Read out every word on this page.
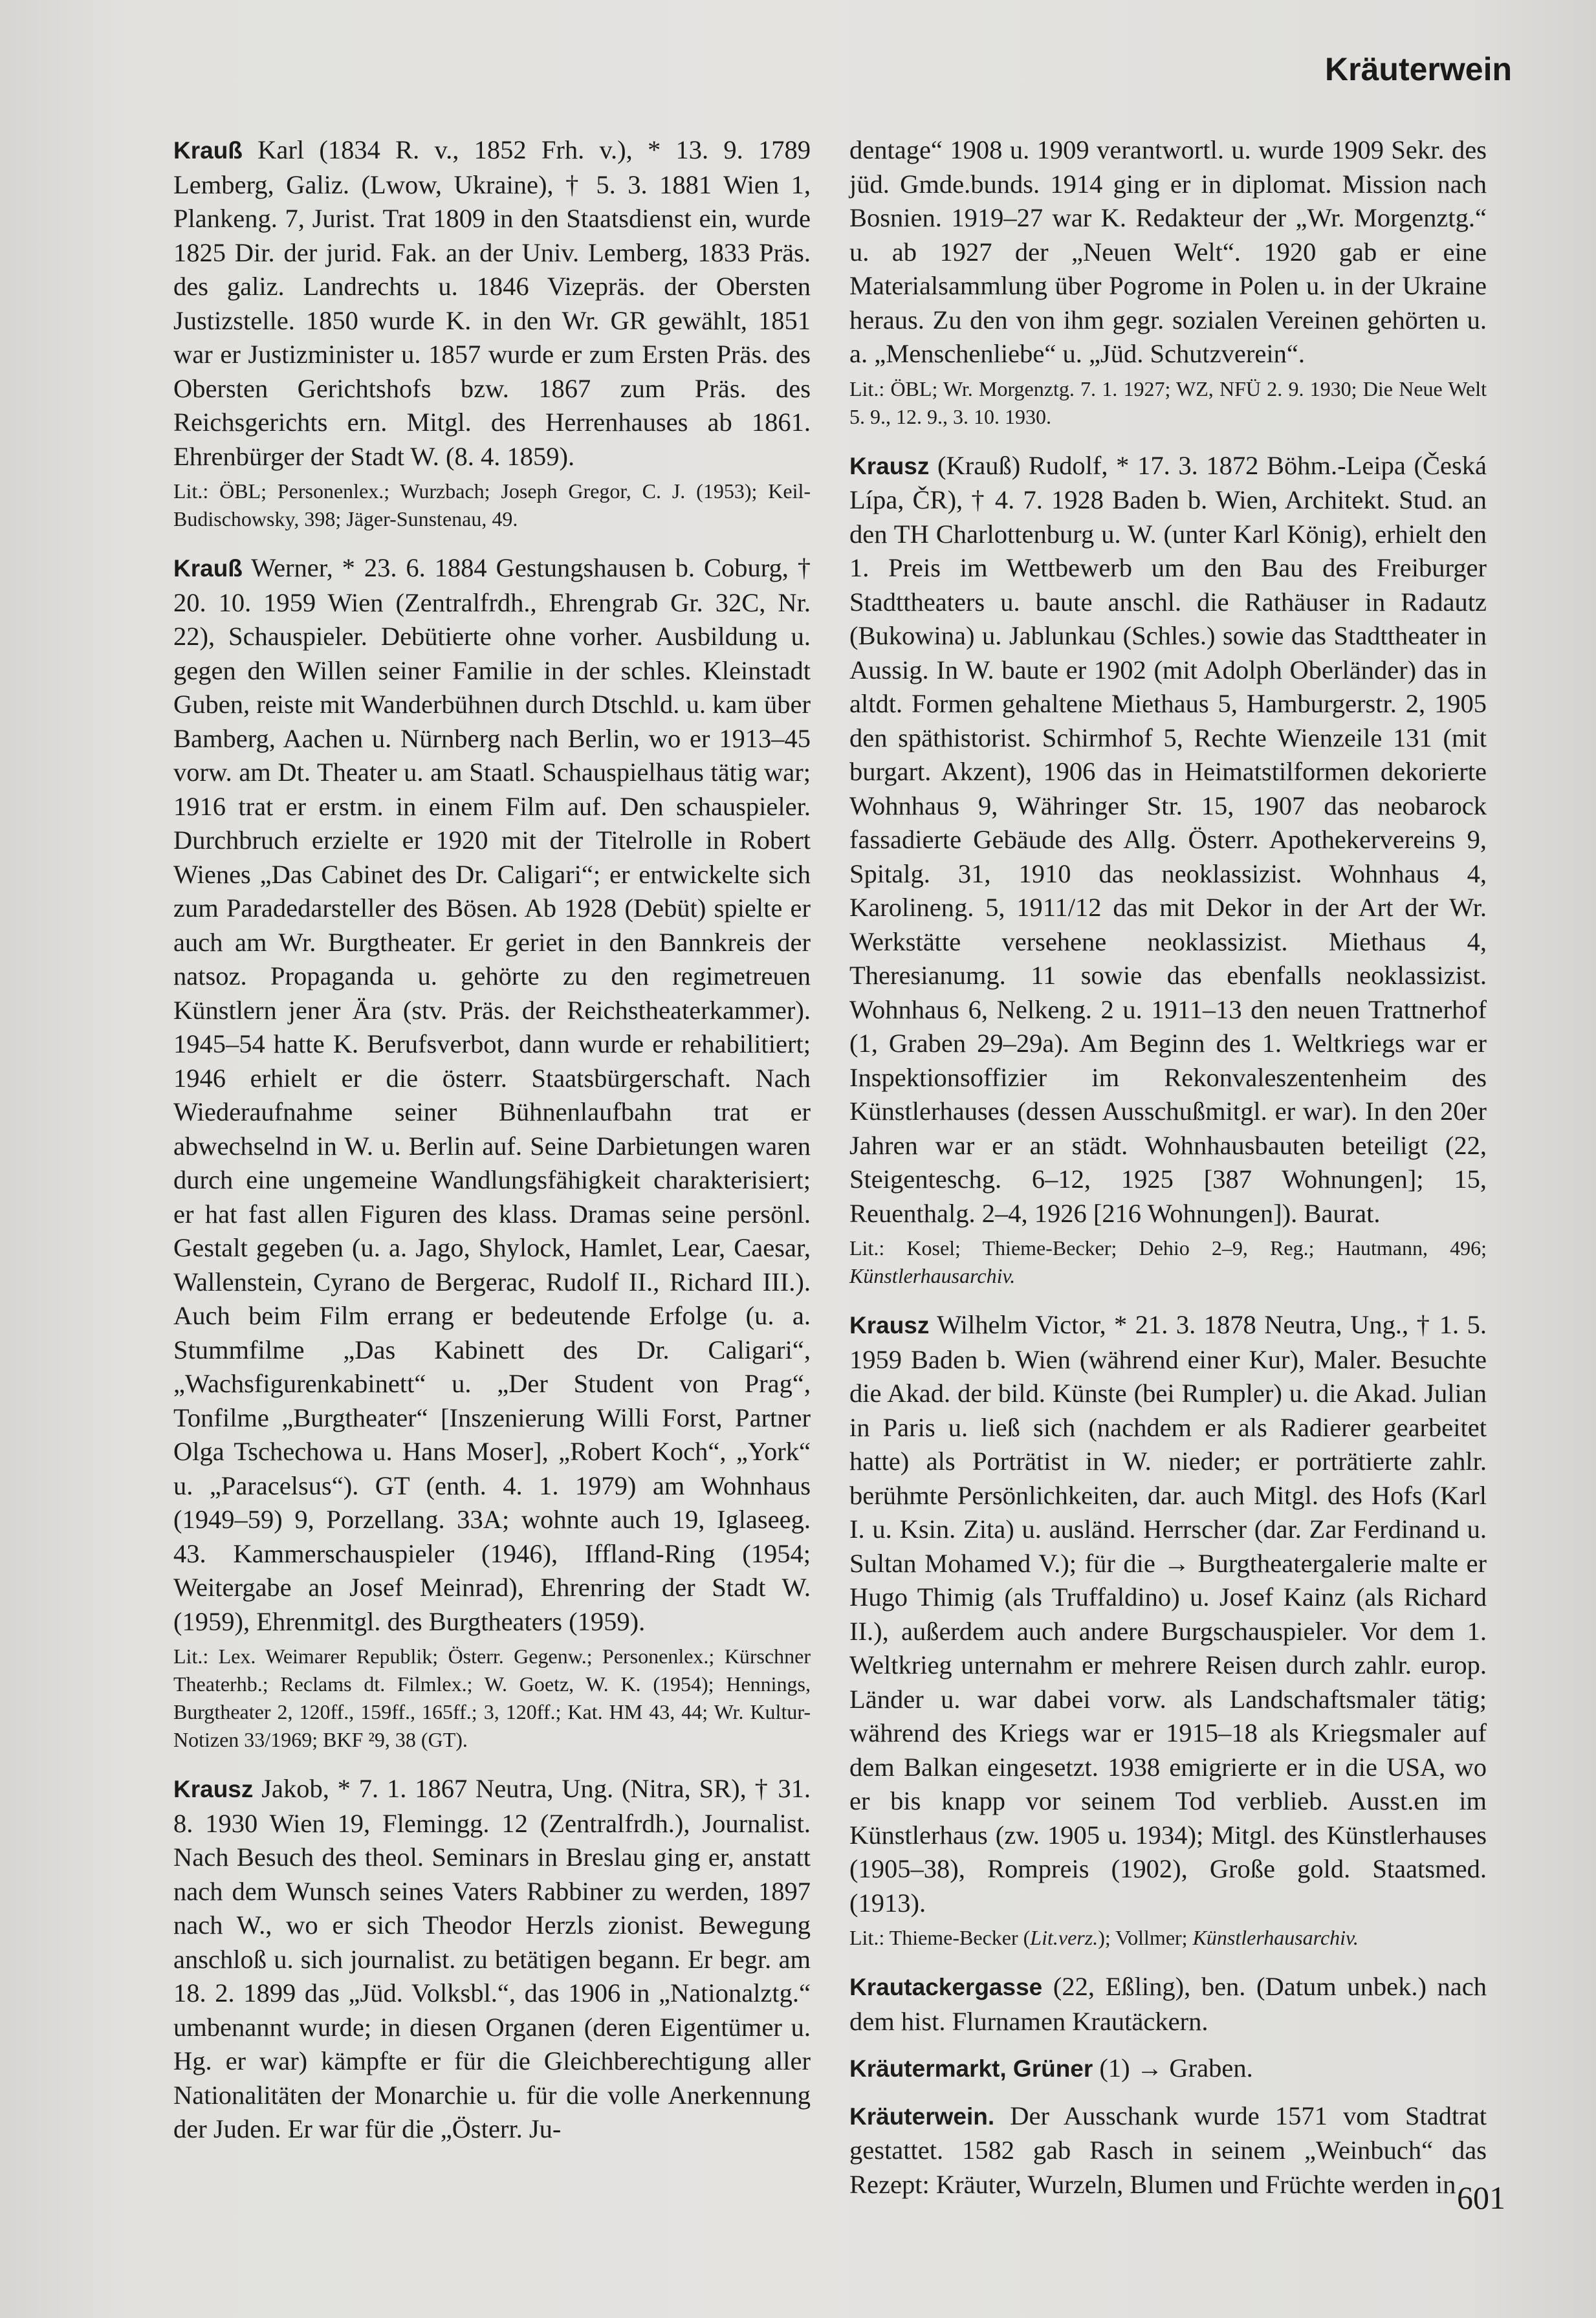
Kräuterwein

Krauß Karl (1834 R. v., 1852 Frh. v.), * 13. 9. 1789 Lemberg, Galiz. (Lwow, Ukraine), † 5. 3. 1881 Wien 1, Plankeng. 7, Jurist. Trat 1809 in den Staatsdienst ein, wurde 1825 Dir. der jurid. Fak. an der Univ. Lemberg, 1833 Präs. des galiz. Landrechts u. 1846 Vizepräs. der Obersten Justizstelle. 1850 wurde K. in den Wr. GR gewählt, 1851 war er Justizminister u. 1857 wurde er zum Ersten Präs. des Obersten Gerichtshofs bzw. 1867 zum Präs. des Reichsgerichts ern. Mitgl. des Herrenhauses ab 1861. Ehrenbürger der Stadt W. (8. 4. 1859).

Lit.: ÖBL; Personenlex.; Wurzbach; Joseph Gregor, C. J. (1953); Keil-Budischowsky, 398; Jäger-Sunstenau, 49.

Krauß Werner, * 23. 6. 1884 Gestungshausen b. Coburg, † 20. 10. 1959 Wien (Zentralfrdh., Ehrengrab Gr. 32C, Nr. 22), Schauspieler. Debütierte ohne vorher. Ausbildung u. gegen den Willen seiner Familie in der schles. Kleinstadt Guben, reiste mit Wanderbühnen durch Dtschld. u. kam über Bamberg, Aachen u. Nürnberg nach Berlin, wo er 1913–45 vorw. am Dt. Theater u. am Staatl. Schauspielhaus tätig war; 1916 trat er erstm. in einem Film auf. Den schauspieler. Durchbruch erzielte er 1920 mit der Titelrolle in Robert Wienes „Das Cabinet des Dr. Caligari“; er entwickelte sich zum Paradedarsteller des Bösen. Ab 1928 (Debüt) spielte er auch am Wr. Burgtheater. Er geriet in den Bannkreis der natsoz. Propaganda u. gehörte zu den regimetreuen Künstlern jener Ära (stv. Präs. der Reichstheaterkammer). 1945–54 hatte K. Berufsverbot, dann wurde er rehabilitiert; 1946 erhielt er die österr. Staatsbürgerschaft. Nach Wiederaufnahme seiner Bühnenlaufbahn trat er abwechselnd in W. u. Berlin auf. Seine Darbietungen waren durch eine ungemeine Wandlungsfähigkeit charakterisiert; er hat fast allen Figuren des klass. Dramas seine persönl. Gestalt gegeben (u. a. Jago, Shylock, Hamlet, Lear, Caesar, Wallenstein, Cyrano de Bergerac, Rudolf II., Richard III.). Auch beim Film errang er bedeutende Erfolge (u. a. Stummfilme „Das Kabinett des Dr. Caligari“, „Wachsfigurenkabinett“ u. „Der Student von Prag“, Tonfilme „Burgtheater“ [Inszenierung Willi Forst, Partner Olga Tschechowa u. Hans Moser], „Robert Koch“, „York“ u. „Paracelsus“). GT (enth. 4. 1. 1979) am Wohnhaus (1949–59) 9, Porzellang. 33A; wohnte auch 19, Iglaseeg. 43. Kammerschauspieler (1946), Iffland-Ring (1954; Weitergabe an Josef Meinrad), Ehrenring der Stadt W. (1959), Ehrenmitgl. des Burgtheaters (1959).

Lit.: Lex. Weimarer Republik; Österr. Gegenw.; Personenlex.; Kürschner Theaterhb.; Reclams dt. Filmlex.; W. Goetz, W. K. (1954); Hennings, Burgtheater 2, 120ff., 159ff., 165ff.; 3, 120ff.; Kat. HM 43, 44; Wr. Kultur-Notizen 33/1969; BKF ²9, 38 (GT).

Krausz Jakob, * 7. 1. 1867 Neutra, Ung. (Nitra, SR), † 31. 8. 1930 Wien 19, Flemingg. 12 (Zentralfrdh.), Journalist. Nach Besuch des theol. Seminars in Breslau ging er, anstatt nach dem Wunsch seines Vaters Rabbiner zu werden, 1897 nach W., wo er sich Theodor Herzls zionist. Bewegung anschloß u. sich journalist. zu betätigen begann. Er begr. am 18. 2. 1899 das „Jüd. Volksbl.“, das 1906 in „Nationalztg.“ umbenannt wurde; in diesen Organen (deren Eigentümer u. Hg. er war) kämpfte er für die Gleichberechtigung aller Nationalitäten der Monarchie u. für die volle Anerkennung der Juden. Er war für die „Österr. Ju-

dentage“ 1908 u. 1909 verantwortl. u. wurde 1909 Sekr. des jüd. Gmde.bunds. 1914 ging er in diplomat. Mission nach Bosnien. 1919–27 war K. Redakteur der „Wr. Morgenztg.“ u. ab 1927 der „Neuen Welt“. 1920 gab er eine Materialsammlung über Pogrome in Polen u. in der Ukraine heraus. Zu den von ihm gegr. sozialen Vereinen gehörten u. a. „Menschenliebe“ u. „Jüd. Schutzverein“.

Lit.: ÖBL; Wr. Morgenztg. 7. 1. 1927; WZ, NFÜ 2. 9. 1930; Die Neue Welt 5. 9., 12. 9., 3. 10. 1930.

Krausz (Krauß) Rudolf, * 17. 3. 1872 Böhm.-Leipa (Česká Lípa, ČR), † 4. 7. 1928 Baden b. Wien, Architekt. Stud. an den TH Charlottenburg u. W. (unter Karl König), erhielt den 1. Preis im Wettbewerb um den Bau des Freiburger Stadttheaters u. baute anschl. die Rathäuser in Radautz (Bukowina) u. Jablunkau (Schles.) sowie das Stadttheater in Aussig. In W. baute er 1902 (mit Adolph Oberländer) das in altdt. Formen gehaltene Miethaus 5, Hamburgerstr. 2, 1905 den späthistorist. Schirmhof 5, Rechte Wienzeile 131 (mit burgart. Akzent), 1906 das in Heimatstilformen dekorierte Wohnhaus 9, Währinger Str. 15, 1907 das neobarock fassadierte Gebäude des Allg. Österr. Apothekervereins 9, Spitalg. 31, 1910 das neoklassizist. Wohnhaus 4, Karolineng. 5, 1911/12 das mit Dekor in der Art der Wr. Werkstätte versehene neoklassizist. Miethaus 4, Theresianumg. 11 sowie das ebenfalls neoklassizist. Wohnhaus 6, Nelkeng. 2 u. 1911–13 den neuen Trattnerhof (1, Graben 29–29a). Am Beginn des 1. Weltkriegs war er Inspektionsoffizier im Rekonvaleszentenheim des Künstlerhauses (dessen Ausschußmitgl. er war). In den 20er Jahren war er an städt. Wohnhausbauten beteiligt (22, Steigenteschg. 6–12, 1925 [387 Wohnungen]; 15, Reuenthalg. 2–4, 1926 [216 Wohnungen]). Baurat.

Lit.: Kosel; Thieme-Becker; Dehio 2–9, Reg.; Hautmann, 496; Künstlerhausarchiv.

Krausz Wilhelm Victor, * 21. 3. 1878 Neutra, Ung., † 1. 5. 1959 Baden b. Wien (während einer Kur), Maler. Besuchte die Akad. der bild. Künste (bei Rumpler) u. die Akad. Julian in Paris u. ließ sich (nachdem er als Radierer gearbeitet hatte) als Porträtist in W. nieder; er porträtierte zahlr. berühmte Persönlichkeiten, dar. auch Mitgl. des Hofs (Karl I. u. Ksin. Zita) u. ausländ. Herrscher (dar. Zar Ferdinand u. Sultan Mohamed V.); für die → Burgtheatergalerie malte er Hugo Thimig (als Truffaldino) u. Josef Kainz (als Richard II.), außerdem auch andere Burgschauspieler. Vor dem 1. Weltkrieg unternahm er mehrere Reisen durch zahlr. europ. Länder u. war dabei vorw. als Landschaftsmaler tätig; während des Kriegs war er 1915–18 als Kriegsmaler auf dem Balkan eingesetzt. 1938 emigrierte er in die USA, wo er bis knapp vor seinem Tod verblieb. Ausst.en im Künstlerhaus (zw. 1905 u. 1934); Mitgl. des Künstlerhauses (1905–38), Rompreis (1902), Große gold. Staatsmed. (1913).

Lit.: Thieme-Becker (Lit.verz.); Vollmer; Künstlerhausarchiv.

Krautackergasse (22, Eßling), ben. (Datum unbek.) nach dem hist. Flurnamen Krautäckern.

Kräutermarkt, Grüner (1) → Graben.

Kräuterwein. Der Ausschank wurde 1571 vom Stadtrat gestattet. 1582 gab Rasch in seinem „Weinbuch“ das Rezept: Kräuter, Wurzeln, Blumen und Früchte werden in 601
